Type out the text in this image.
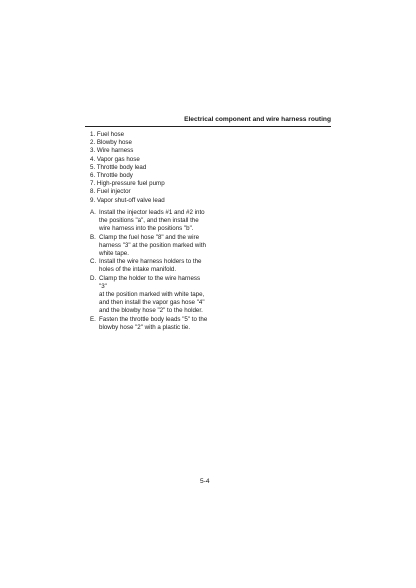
Electrical component and wire harness routing
1. Fuel hose
2. Blowby hose
3. Wire harness
4. Vapor gas hose
5. Throttle body lead
6. Throttle body
7. High-pressure fuel pump
8. Fuel injector
9. Vapor shut-off valve lead
A. Install the injector leads #1 and #2 into
the positions "a", and then install the
wire harness into the positions "b".
B. Clamp the fuel hose "8" and the wire
harness "3" at the position marked with
white tape.
C. Install the wire harness holders to the
holes of the intake manifold.
D. Clamp the holder to the wire harness "3"
at the position marked with white tape,
and then install the vapor gas hose "4"
and the blowby hose "2" to the holder.
E. Fasten the throttle body leads "5" to the
blowby hose "2" with a plastic tie.
5-4
